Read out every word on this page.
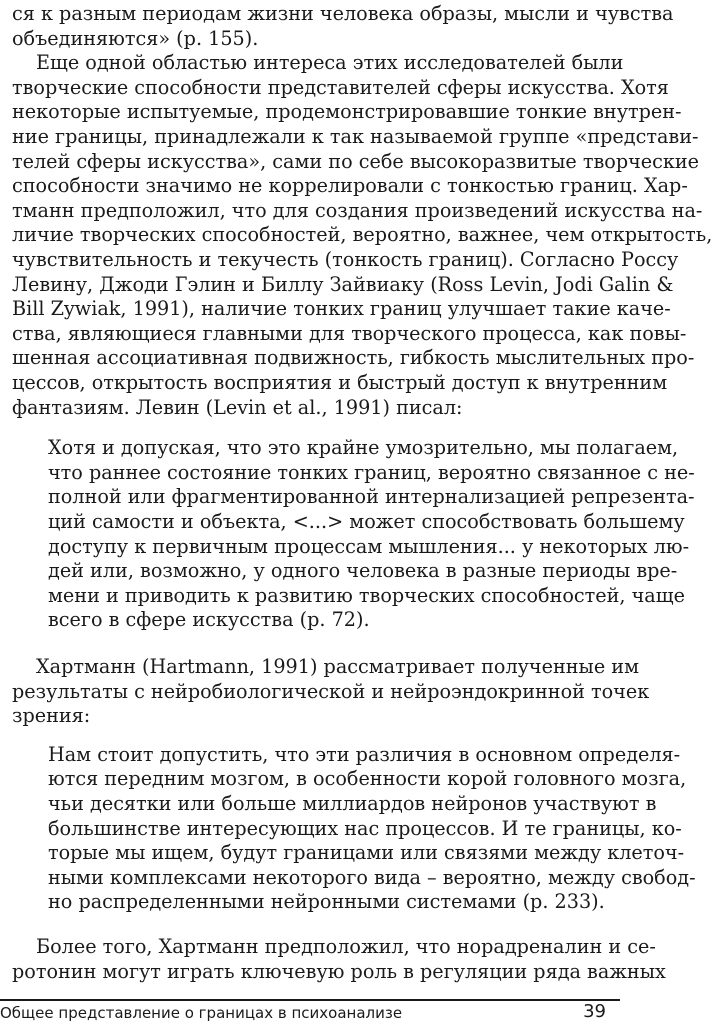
ся к разным периодам жизни человека образы, мысли и чувства
объединяются» (p. 155).
Еще одной областью интереса этих исследователей были
творческие способности представителей сферы искусства. Хотя
некоторые испытуемые, продемонстрировавшие тонкие внутрен-
ние границы, принадлежали к так называемой группе «представи-
телей сферы искусства», сами по себе высокоразвитые творческие
способности значимо не коррелировали с тонкостью границ. Хар-
тманн предположил, что для создания произведений искусства на-
личие творческих способностей, вероятно, важнее, чем открытость,
чувствительность и текучесть (тонкость границ). Согласно Россу
Левину, Джоди Гэлин и Биллу Зайвиаку (Ross Levin, Jodi Galin &
Bill Zywiak, 1991), наличие тонких границ улучшает такие каче-
ства, являющиеся главными для творческого процесса, как повы-
шенная ассоциативная подвижность, гибкость мыслительных про-
цессов, открытость восприятия и быстрый доступ к внутренним
фантазиям. Левин (Levin et al., 1991) писал:
Хотя и допуская, что это крайне умозрительно, мы полагаем,
что раннее состояние тонких границ, вероятно связанное с не-
полной или фрагментированной интернализацией репрезента-
ций самости и объекта, <...> может способствовать большему
доступу к первичным процессам мышления... у некоторых лю-
дей или, возможно, у одного человека в разные периоды вре-
мени и приводить к развитию творческих способностей, чаще
всего в сфере искусства (p. 72).
Хартманн (Hartmann, 1991) рассматривает полученные им
результаты с нейробиологической и нейроэндокринной точек
зрения:
Нам стоит допустить, что эти различия в основном определя-
ются передним мозгом, в особенности корой головного мозга,
чьи десятки или больше миллиардов нейронов участвуют в
большинстве интересующих нас процессов. И те границы, ко-
торые мы ищем, будут границами или связями между клеточ-
ными комплексами некоторого вида – вероятно, между свобод-
но распределенными нейронными системами (p. 233).
Более того, Хартманн предположил, что норадреналин и се-
ротонин могут играть ключевую роль в регуляции ряда важных
Общее представление о границах в психоанализе	39
